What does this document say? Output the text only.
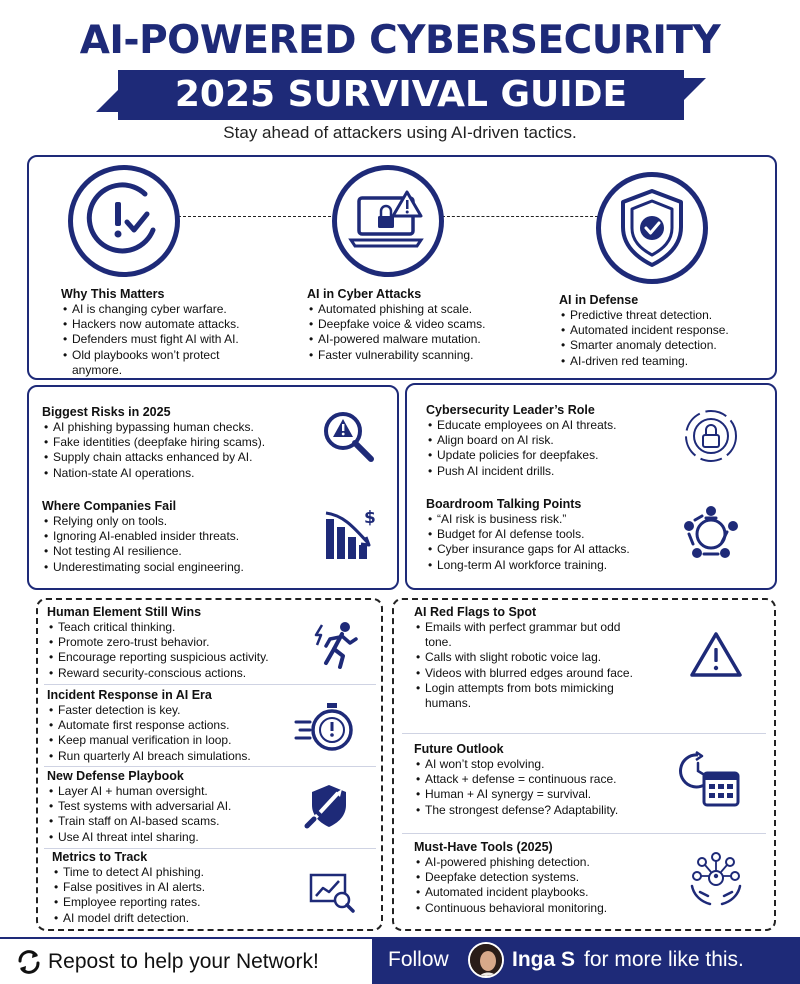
AI-POWERED CYBERSECURITY
2025 SURVIVAL GUIDE
Stay ahead of attackers using AI-driven tactics.
Why This Matters
• AI is changing cyber warfare.
• Hackers now automate attacks.
• Defenders must fight AI with AI.
• Old playbooks won’t protect anymore.
AI in Cyber Attacks
• Automated phishing at scale.
• Deepfake voice & video scams.
• AI-powered malware mutation.
• Faster vulnerability scanning.
AI in Defense
• Predictive threat detection.
• Automated incident response.
• Smarter anomaly detection.
• AI-driven red teaming.
Biggest Risks in 2025
• AI phishing bypassing human checks.
• Fake identities (deepfake hiring scams).
• Supply chain attacks enhanced by AI.
• Nation-state AI operations.
Where Companies Fail
• Relying only on tools.
• Ignoring AI-enabled insider threats.
• Not testing AI resilience.
• Underestimating social engineering.
$
Cybersecurity Leader’s Role
• Educate employees on AI threats.
• Align board on AI risk.
• Update policies for deepfakes.
• Push AI incident drills.
Boardroom Talking Points
• “AI risk is business risk.”
• Budget for AI defense tools.
• Cyber insurance gaps for AI attacks.
• Long-term AI workforce training.
Human Element Still Wins
• Teach critical thinking.
• Promote zero-trust behavior.
• Encourage reporting suspicious activity.
• Reward security-conscious actions.
Incident Response in AI Era
• Faster detection is key.
• Automate first response actions.
• Keep manual verification in loop.
• Run quarterly AI breach simulations.
New Defense Playbook
• Layer AI + human oversight.
• Test systems with adversarial AI.
• Train staff on AI-based scams.
• Use AI threat intel sharing.
Metrics to Track
• Time to detect AI phishing.
• False positives in AI alerts.
• Employee reporting rates.
• AI model drift detection.
AI Red Flags to Spot
• Emails with perfect grammar but odd tone.
• Calls with slight robotic voice lag.
• Videos with blurred edges around face.
• Login attempts from bots mimicking humans.
Future Outlook
• AI won’t stop evolving.
• Attack + defense = continuous race.
• Human + AI synergy = survival.
• The strongest defense? Adaptability.
Must-Have Tools (2025)
• AI-powered phishing detection.
• Deepfake detection systems.
• Automated incident playbooks.
• Continuous behavioral monitoring.
Repost to help your Network!	Follow	Inga S for more like this.
